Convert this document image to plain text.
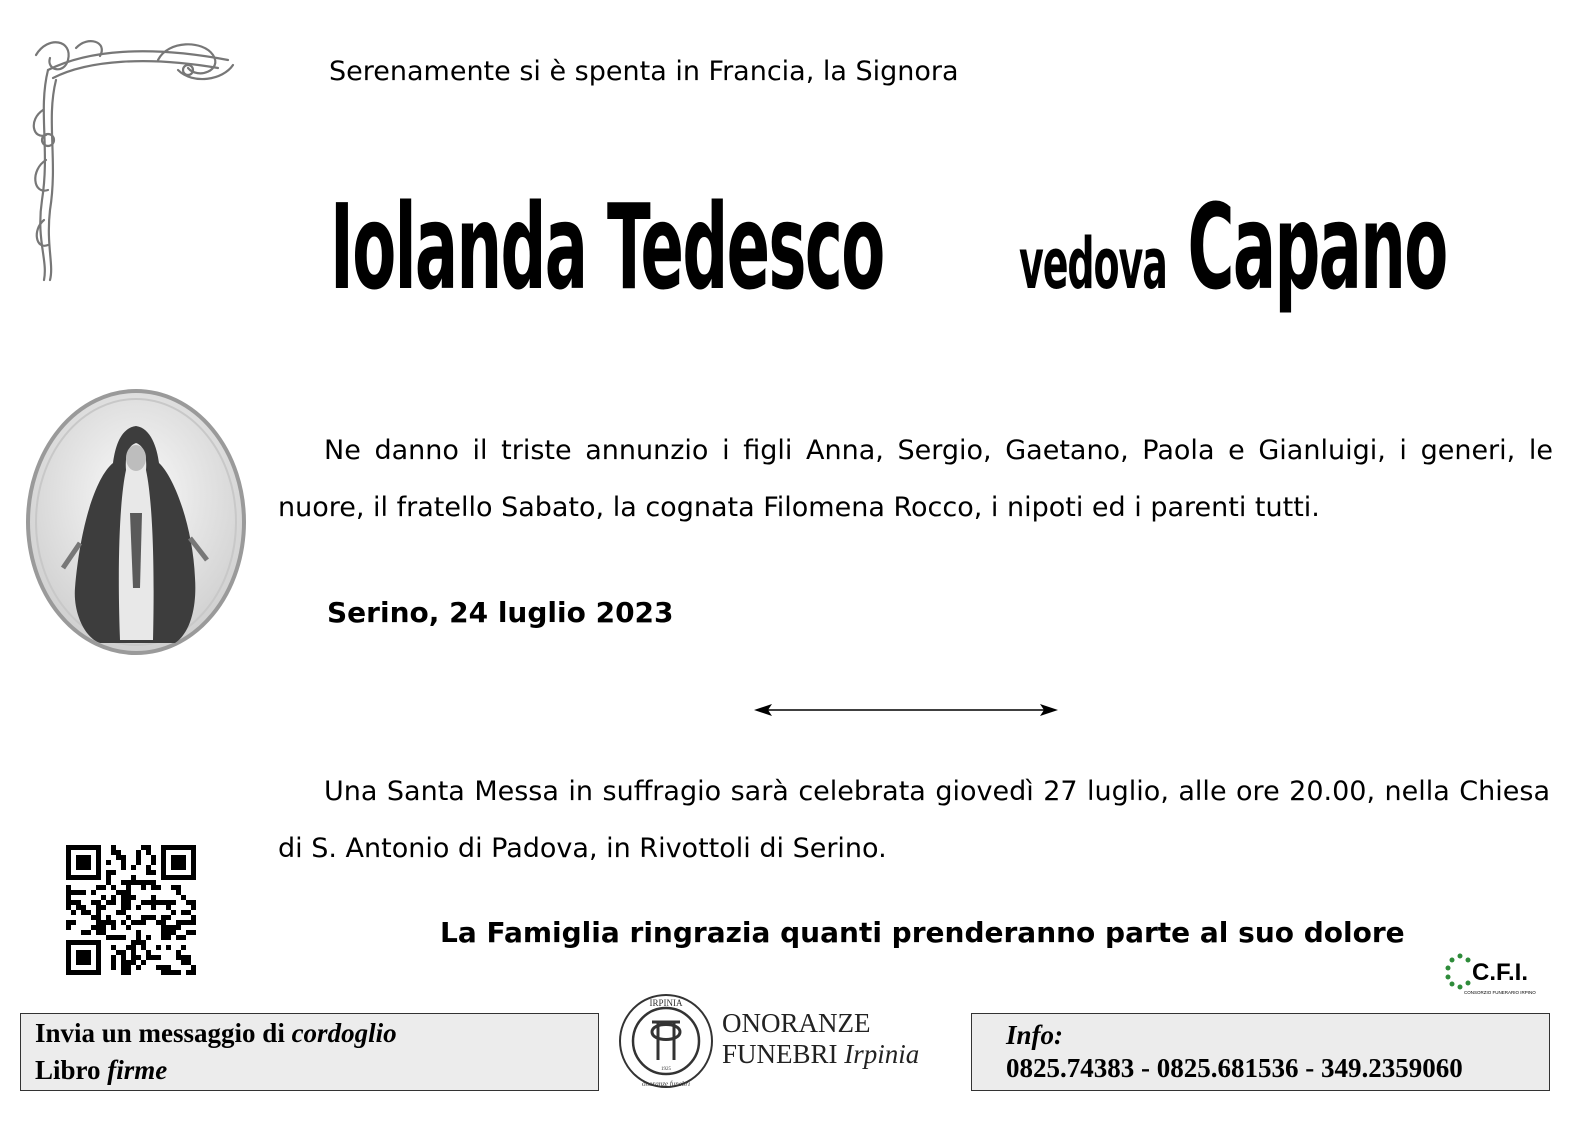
Serenamente si è spenta in Francia, la Signora
Iolanda Tedesco vedova Capano
Ne danno il triste annunzio i figli Anna, Sergio, Gaetano, Paola e Gianluigi, i generi, le nuore, il fratello Sabato, la cognata Filomena Rocco, i nipoti ed i parenti tutti.
Serino, 24 luglio 2023
Una Santa Messa in suffragio sarà celebrata giovedì 27 luglio, alle ore 20.00, nella Chiesa di S. Antonio di Padova, in Rivottoli di Serino.
La Famiglia ringrazia quanti prenderanno parte al suo dolore
C.F.I.
CONSORZIO FUNERARIO IRPINO
Invia un messaggio di cordoglio
Libro firme
IRPINIA
onoranze funebri
1925
ONORANZE
FUNEBRI Irpinia
Info:
0825.74383 - 0825.681536 - 349.2359060
